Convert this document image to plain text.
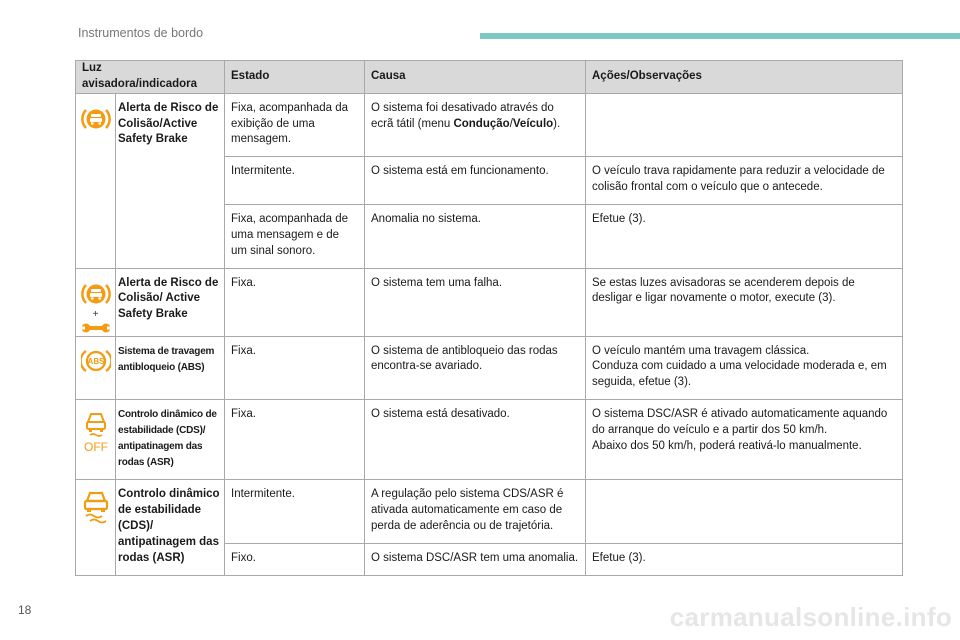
Instrumentos de bordo
Luz avisadora/indicadora		Estado	Causa	Ações/Observações

	Alerta de Risco de Colisão/Active Safety Brake	Fixa, acompanhada da exibição de uma mensagem.	O sistema foi desativado através do ecrã tátil (menu Condução/Veículo).	
		Intermitente.	O sistema está em funcionamento.	O veículo trava rapidamente para reduzir a velocidade de colisão frontal com o veículo que o antecede.
		Fixa, acompanhada de uma mensagem e de um sinal sonoro.	Anomalia no sistema.	Efetue (3).

+	Alerta de Risco de Colisão/ Active Safety Brake	Fixa.	O sistema tem uma falha.	Se estas luzes avisadoras se acenderem depois de desligar e ligar novamente o motor, execute (3).

ABS	Sistema de travagem antibloqueio (ABS)	Fixa.	O sistema de antibloqueio das rodas encontra-se avariado.	O veículo mantém uma travagem clássica.
Conduza com cuidado a uma velocidade moderada e, em seguida, efetue (3).

OFF	Controlo dinâmico de estabilidade (CDS)/ antipatinagem das rodas (ASR)	Fixa.	O sistema está desativado.	O sistema DSC/ASR é ativado automaticamente aquando do arranque do veículo e a partir dos 50 km/h.
Abaixo dos 50 km/h, poderá reativá-lo manualmente.

	Controlo dinâmico de estabilidade (CDS)/ antipatinagem das rodas (ASR)	Intermitente.	A regulação pelo sistema CDS/ASR é ativada automaticamente em caso de perda de aderência ou de trajetória.	
		Fixo.	O sistema DSC/ASR tem uma anomalia.	Efetue (3).
18	carmanualsonline.info
